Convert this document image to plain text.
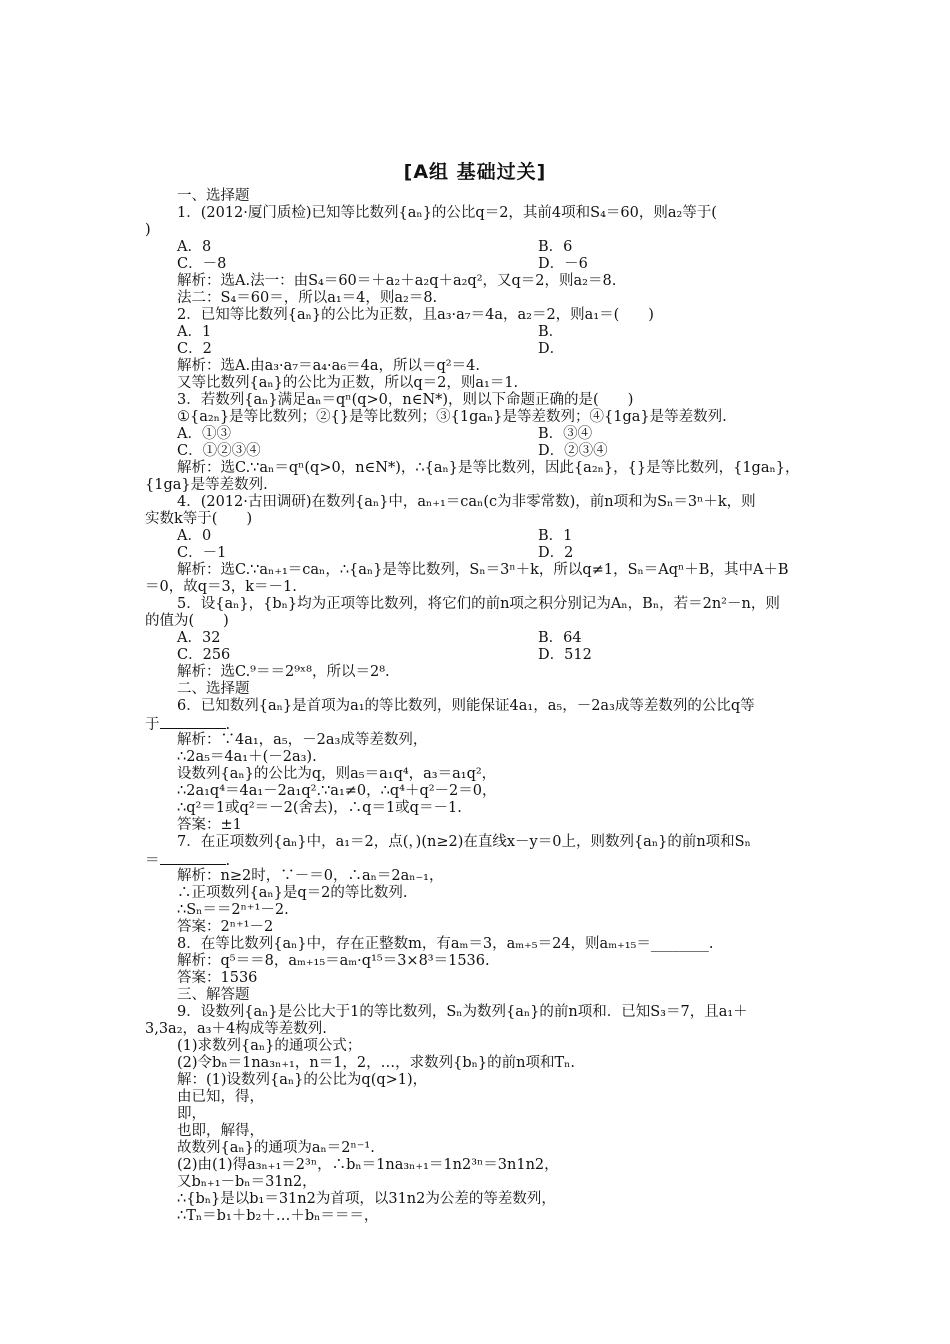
[A组 基础过关]
一、选择题
1．(2012·厦门质检)已知等比数列{aₙ}的公比q＝2，其前4项和S₄＝60，则a₂等于(
)
A．8	B．6
C．－8	D．－6
解析：选A.法一：由S₄＝60＝＋a₂＋a₂q＋a₂q²，又q＝2，则a₂＝8.
法二：S₄＝60＝，所以a₁＝4，则a₂＝8.
2．已知等比数列{aₙ}的公比为正数，且a₃·a₇＝4a，a₂＝2，则a₁＝(　　)
A．1	B．
C．2	D．
解析：选A.由a₃·a₇＝a₄·a₆＝4a，所以＝q²＝4.
又等比数列{aₙ}的公比为正数，所以q＝2，则a₁＝1.
3．若数列{aₙ}满足aₙ＝qⁿ(q>0，n∈N*)，则以下命题正确的是(　　)
①{a₂ₙ}是等比数列；②{}是等比数列；③{1gaₙ}是等差数列；④{1ga}是等差数列.
A．①③	B．③④
C．①②③④	D．②③④
解析：选C.∵aₙ＝qⁿ(q>0，n∈N*)，∴{aₙ}是等比数列，因此{a₂ₙ}，{}是等比数列，{1gaₙ}，
{1ga}是等差数列.
4．(2012·古田调研)在数列{aₙ}中，aₙ₊₁＝caₙ(c为非零常数)，前n项和为Sₙ＝3ⁿ＋k，则
实数k等于(　　)
A．0	B．1
C．－1	D．2
解析：选C.∵aₙ₊₁＝caₙ，∴{aₙ}是等比数列，Sₙ＝3ⁿ＋k，所以q≠1，Sₙ＝Aqⁿ＋B，其中A＋B
＝0，故q＝3，k＝－1.
5．设{aₙ}，{bₙ}均为正项等比数列，将它们的前n项之积分别记为Aₙ，Bₙ，若＝2n²－n，则
的值为(　　)
A．32	B．64
C．256	D．512
解析：选C.⁹＝＝2⁹ˣ⁸，所以＝2⁸.
二、选择题
6．已知数列{aₙ}是首项为a₁的等比数列，则能保证4a₁，a₅，－2a₃成等差数列的公比q等
于	.
解析：∵4a₁，a₅，－2a₃成等差数列，
∴2a₅＝4a₁＋(－2a₃).
设数列{aₙ}的公比为q，则a₅＝a₁q⁴，a₃＝a₁q²，
∴2a₁q⁴＝4a₁－2a₁q².∵a₁≠0，∴q⁴＋q²－2＝0，
∴q²＝1或q²＝－2(舍去)，∴q＝1或q＝－1.
答案：±1
7．在正项数列{aₙ}中，a₁＝2，点(，)(n≥2)在直线x－y＝0上，则数列{aₙ}的前n项和Sₙ
＝	.
解析：n≥2时，∵－＝0，∴aₙ＝2aₙ₋₁，
∴正项数列{aₙ}是q＝2的等比数列.
∴Sₙ＝＝2ⁿ⁺¹－2.
答案：2ⁿ⁺¹－2
8．在等比数列{aₙ}中，存在正整数m，有aₘ＝3，aₘ₊₅＝24，则aₘ₊₁₅＝________.
解析：q⁵＝＝8，aₘ₊₁₅＝aₘ·q¹⁵＝3×8³＝1536.
答案：1536
三、解答题
9．设数列{aₙ}是公比大于1的等比数列，Sₙ为数列{aₙ}的前n项和．已知S₃＝7，且a₁＋
3,3a₂，a₃＋4构成等差数列.
(1)求数列{aₙ}的通项公式；
(2)令bₙ＝1na₃ₙ₊₁，n＝1，2，…，求数列{bₙ}的前n项和Tₙ.
解：(1)设数列{aₙ}的公比为q(q>1)，
由已知，得，
即，
也即，解得，
故数列{aₙ}的通项为aₙ＝2ⁿ⁻¹.
(2)由(1)得a₃ₙ₊₁＝2³ⁿ，∴bₙ＝1na₃ₙ₊₁＝1n2³ⁿ＝3n1n2，
又bₙ₊₁－bₙ＝31n2，
∴{bₙ}是以b₁＝31n2为首项，以31n2为公差的等差数列，
∴Tₙ＝b₁＋b₂＋…＋bₙ＝＝＝，
